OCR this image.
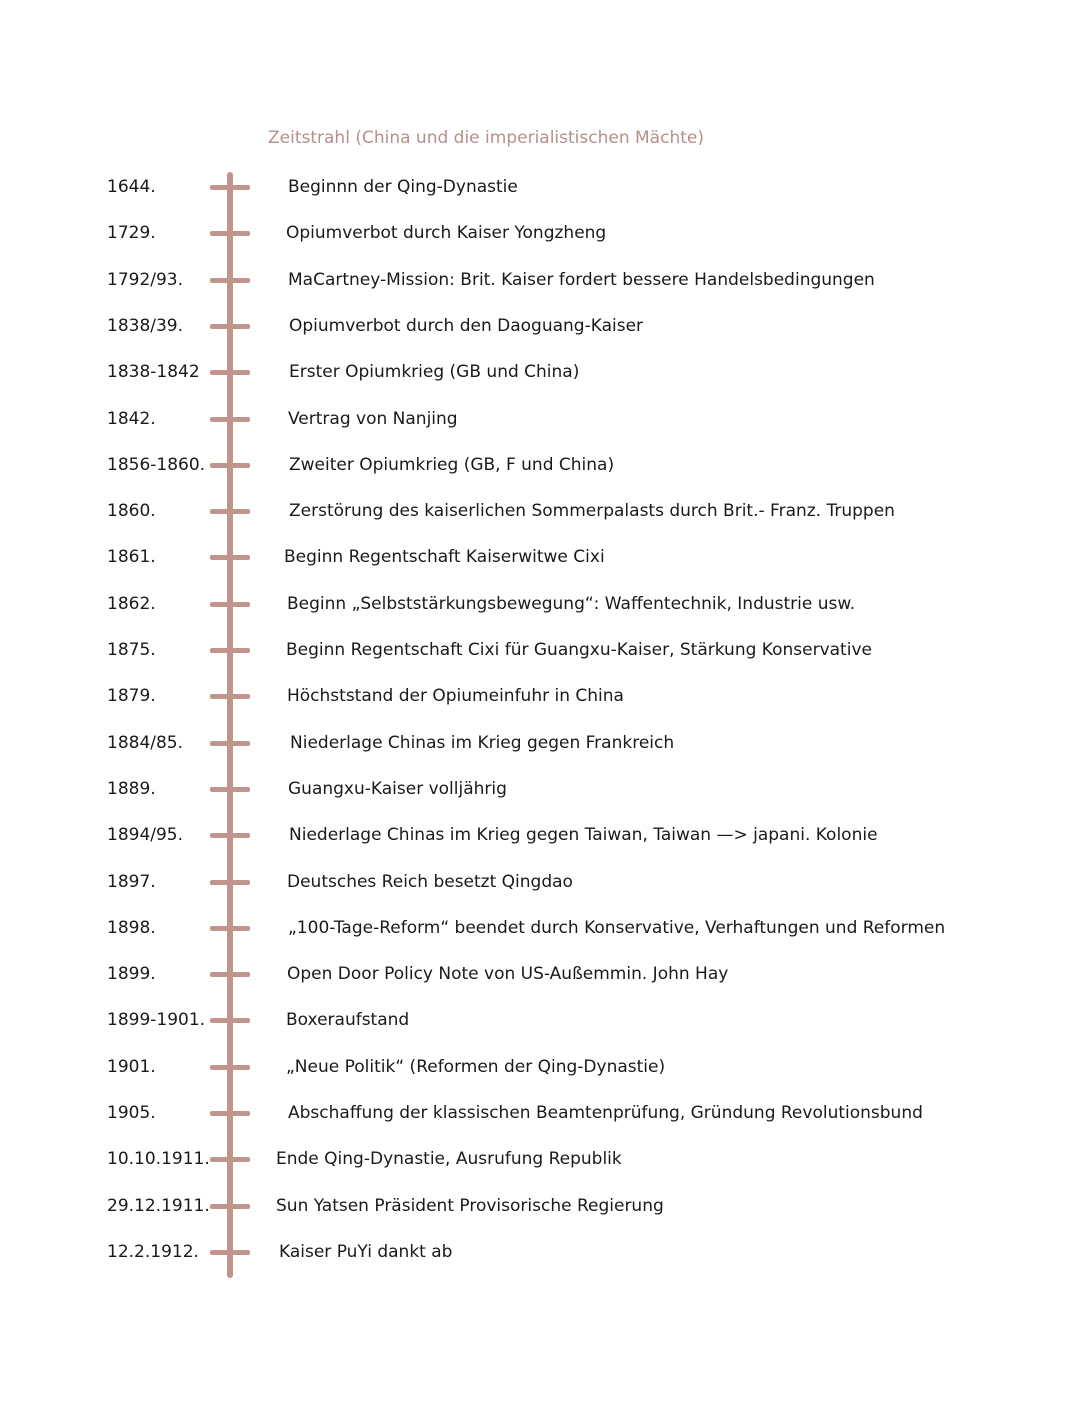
Zeitstrahl (China und die imperialistischen Mächte)
1644.	Beginnn der Qing-Dynastie
1729.	Opiumverbot durch Kaiser Yongzheng
1792/93.	MaCartney-Mission: Brit. Kaiser fordert bessere Handelsbedingungen
1838/39.	Opiumverbot durch den Daoguang-Kaiser
1838-1842	Erster Opiumkrieg (GB und China)
1842.	Vertrag von Nanjing
1856-1860.	Zweiter Opiumkrieg (GB, F und China)
1860.	Zerstörung des kaiserlichen Sommerpalasts durch Brit.- Franz. Truppen
1861.	Beginn Regentschaft Kaiserwitwe Cixi
1862.	Beginn „Selbststärkungsbewegung“: Waffentechnik, Industrie usw.
1875.	Beginn Regentschaft Cixi für Guangxu-Kaiser, Stärkung Konservative
1879.	Höchststand der Opiumeinfuhr in China
1884/85.	Niederlage Chinas im Krieg gegen Frankreich
1889.	Guangxu-Kaiser volljährig
1894/95.	Niederlage Chinas im Krieg gegen Taiwan, Taiwan —> japani. Kolonie
1897.	Deutsches Reich besetzt Qingdao
1898.	„100-Tage-Reform“ beendet durch Konservative, Verhaftungen und Reformen
1899.	Open Door Policy Note von US-Außemmin. John Hay
1899-1901.	Boxeraufstand
1901.	„Neue Politik“ (Reformen der Qing-Dynastie)
1905.	Abschaffung der klassischen Beamtenprüfung, Gründung Revolutionsbund
10.10.1911.	Ende Qing-Dynastie, Ausrufung Republik
29.12.1911.	Sun Yatsen Präsident Provisorische Regierung
12.2.1912.	Kaiser PuYi dankt ab
